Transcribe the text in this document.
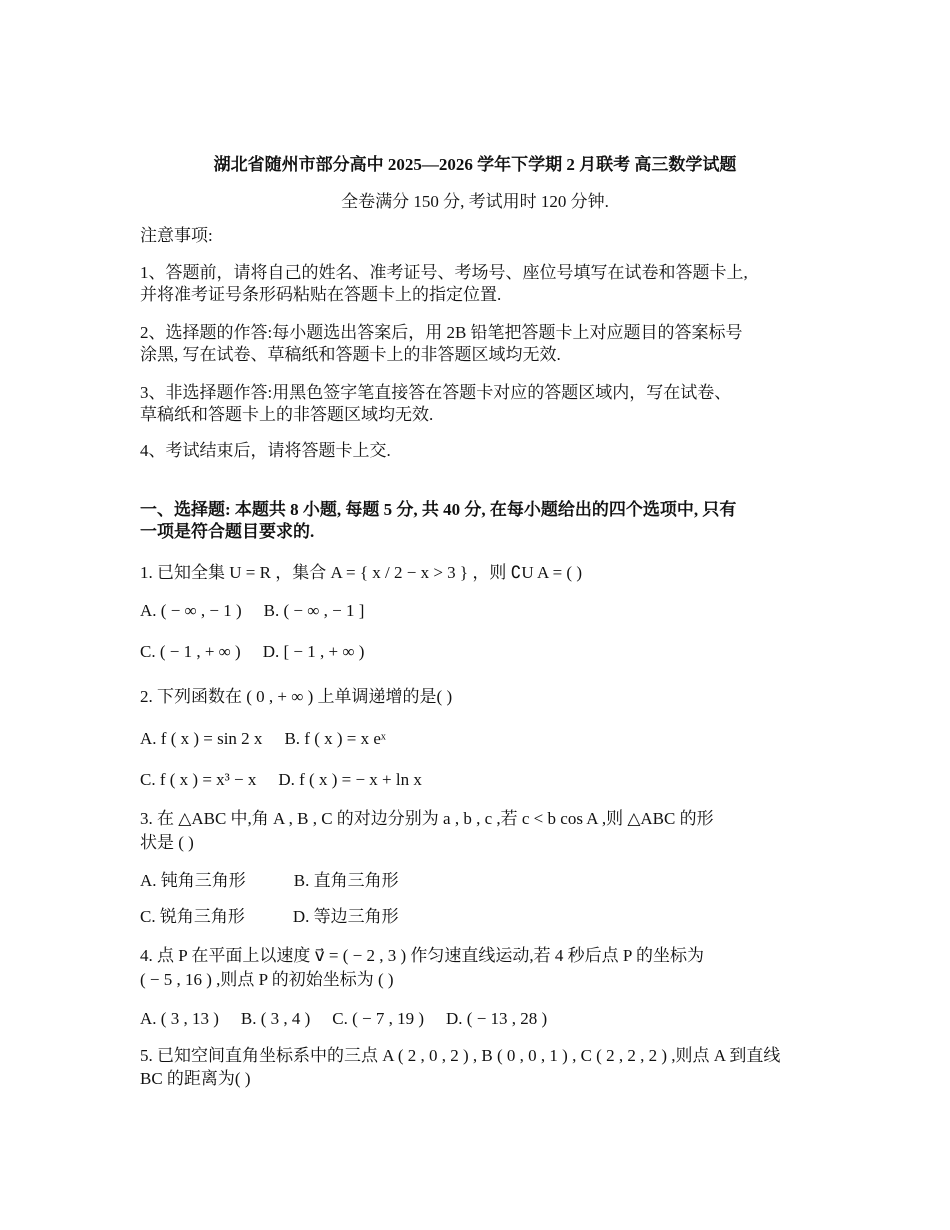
湖北省随州市部分高中 2025—2026 学年下学期 2 月联考 高三数学试题
全卷满分 150 分, 考试用时 120 分钟.
注意事项:
1、答题前，请将自己的姓名、准考证号、考场号、座位号填写在试卷和答题卡上,
并将准考证号条形码粘贴在答题卡上的指定位置.
2、选择题的作答:每小题选出答案后，用 2B 铅笔把答题卡上对应题目的答案标号
涂黑, 写在试卷、草稿纸和答题卡上的非答题区域均无效.
3、非选择题作答:用黑色签字笔直接答在答题卡对应的答题区域内，写在试卷、
草稿纸和答题卡上的非答题区域均无效.
4、考试结束后，请将答题卡上交.
一、选择题: 本题共 8 小题, 每题 5 分, 共 40 分, 在每小题给出的四个选项中, 只有
一项是符合题目要求的.
1. 已知全集 U = R ，集合 A = { x / 2 − x > 3 } ，则 ∁U A = ( )
A. ( − ∞ , − 1 ) B. ( − ∞ , − 1 ]
C. ( − 1 , + ∞ ) D. [ − 1 , + ∞ )
2. 下列函数在 ( 0 , + ∞ ) 上单调递增的是( )
A. f ( x ) = sin 2 x B. f ( x ) = x eˣ
C. f ( x ) = x³ − x D. f ( x ) = − x + ln x
3. 在 △ABC 中,角 A , B , C 的对边分别为 a , b , c ,若 c < b cos A ,则 △ABC 的形
状是 ( )
A. 钝角三角形	B. 直角三角形
C. 锐角三角形	D. 等边三角形
4. 点 P 在平面上以速度 v⃗ = ( − 2 , 3 ) 作匀速直线运动,若 4 秒后点 P 的坐标为
( − 5 , 16 ) ,则点 P 的初始坐标为 ( )
A. ( 3 , 13 ) B. ( 3 , 4 ) C. ( − 7 , 19 ) D. ( − 13 , 28 )
5. 已知空间直角坐标系中的三点 A ( 2 , 0 , 2 ) , B ( 0 , 0 , 1 ) , C ( 2 , 2 , 2 ) ,则点 A 到直线
BC 的距离为( )
